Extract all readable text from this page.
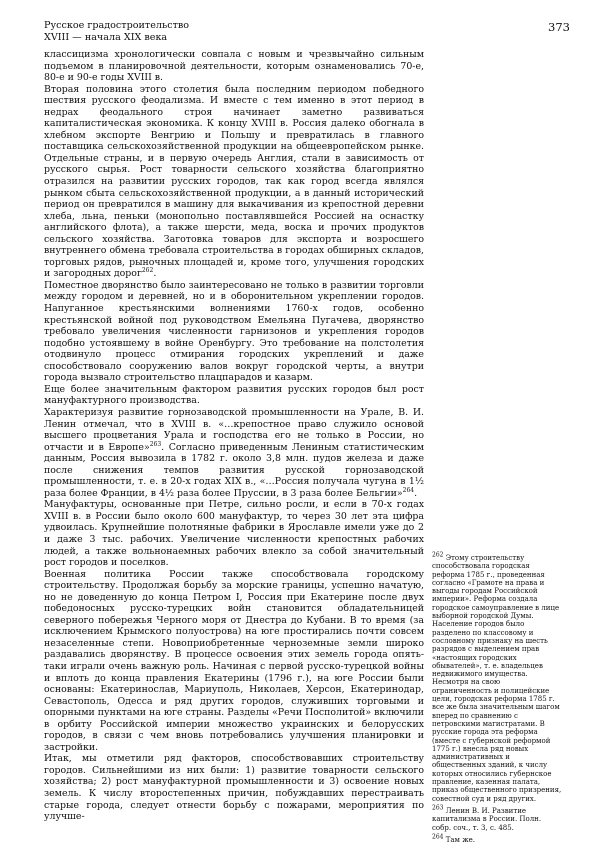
Русское градостроительство
XVIII — начала XIX века
373

классицизма хронологически совпала с новым и чрезвычайно сильным подъемом в планировочной деятельности, которым ознаменовались 70-е, 80-е и 90-е годы XVIII в.

Вторая половина этого столетия была последним периодом победного шествия русского феодализма. И вместе с тем именно в этот период в недрах феодального строя начинает заметно развиваться капиталистическая экономика. К концу XVIII в. Россия далеко обогнала в хлебном экспорте Венгрию и Польшу и превратилась в главного поставщика сельскохозяйственной продукции на общеевропейском рынке. Отдельные страны, и в первую очередь Англия, стали в зависимость от русского сырья. Рост товарности сельского хозяйства благоприятно отразился на развитии русских городов, так как город всегда являлся рынком сбыта сельскохозяйственной продукции, а в данный исторический период он превратился в машину для выкачивания из крепостной деревни хлеба, льна, пеньки (монопольно поставлявшейся Россией на оснастку английского флота), а также шерсти, меда, воска и прочих продуктов сельского хозяйства. Заготовка товаров для экспорта и возросшего внутреннего обмена требовала строительства в городах обширных складов, торговых рядов, рыночных площадей и, кроме того, улучшения городских и загородных дорог$^{262}$.

Поместное дворянство было заинтересовано не только в развитии торговли между городом и деревней, но и в оборонительном укреплении городов. Напуганное крестьянскими волнениями 1760-х годов, особенно крестьянской войной под руководством Емельяна Пугачева, дворянство требовало увеличения численности гарнизонов и укрепления городов подобно устоявшему в войне Оренбургу. Это требование на полстолетия отодвинуло процесс отмирания городских укреплений и даже способствовало сооружению валов вокруг городской черты, а внутри города вызвало строительство плацпарадов и казарм.

Еще более значительным фактором развития русских городов был рост мануфактурного производства.

Характеризуя развитие горнозаводской промышленности на Урале, В. И. Ленин отмечал, что в XVIII в. «…крепостное право служило основой высшего процветания Урала и господства его не только в России, но отчасти и в Европе»$^{263}$. Согласно приведенным Лениным статистическим данным, Россия вывозила в 1782 г. около 3,8 млн. пудов железа и даже после снижения темпов развития русской горнозаводской промышленности, т. е. в 20-х годах XIX в., «…Россия получала чугуна в 1½ раза более Франции, в 4½ раза более Пруссии, в 3 раза более Бельгии»$^{264}$.

Мануфактуры, основанные при Петре, сильно росли, и если в 70-х годах XVIII в. в России было около 600 мануфактур, то через 30 лет эта цифра удвоилась. Крупнейшие полотняные фабрики в Ярославле имели уже до 2 и даже 3 тыс. рабочих. Увеличение численности крепостных рабочих людей, а также вольнонаемных рабочих влекло за собой значительный рост городов и поселков.

Военная политика России также способствовала городскому строительству. Продолжая борьбу за морские границы, успешно начатую, но не доведенную до конца Петром I, Россия при Екатерине после двух победоносных русско-турецких войн становится обладательницей северного побережья Черного моря от Днестра до Кубани. В то время (за исключением Крымского полуострова) на юге простирались почти совсем незаселенные степи. Новоприобретенные черноземные земли широко раздавались дворянству. В процессе освоения этих земель города опять-таки играли очень важную роль. Начиная с первой русско-турецкой войны и вплоть до конца правления Екатерины (1796 г.), на юге России были основаны: Екатеринослав, Мариуполь, Николаев, Херсон, Екатеринодар, Севастополь, Одесса и ряд других городов, служивших торговыми и опорными пунктами на юге страны. Разделы «Речи Посполитой» включили в орбиту Российской империи множество украинских и белорусских городов, в связи с чем вновь потребовались улучшения планировки и застройки.

Итак, мы отметили ряд факторов, способствовавших строительству городов. Сильнейшими из них были: 1) развитие товарности сельского хозяйства; 2) рост мануфактурной промышленности и 3) освоение новых земель. К числу второстепенных причин, побуждавших перестраивать старые города, следует отнести борьбу с пожарами, мероприятия по улучше-

$^{262}$ Этому строительству способствовала городская реформа 1785 г., проведенная согласно «Грамоте на права и выгоды городам Российской империи». Реформа создала городское самоуправление в лице выборной городской Думы. Население городов было разделено по классовому и сословному признаку на шесть разрядов с выделением прав «настоящих городских обывателей», т. е. владельцев недвижимого имущества. Несмотря на свою ограниченность и полицейские цели, городская реформа 1785 г. все же была значительным шагом вперед по сравнению с петровскими магистратами. В русские города эта реформа (вместе с губернской реформой 1775 г.) внесла ряд новых административных и общественных зданий, к числу которых относились губернское правление, казенная палата, приказ общественного призрения, совестной суд и ряд других.

$^{263}$ Ленин В. И. Развитие капитализма в России. Полн. собр. соч., т. 3, с. 485.

$^{264}$ Там же.
